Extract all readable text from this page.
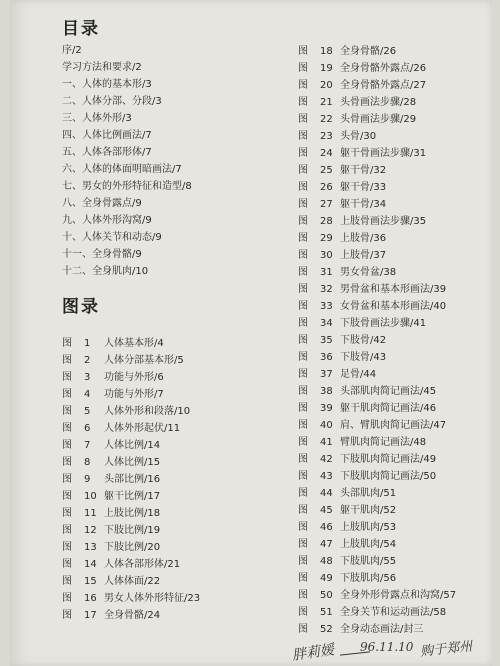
目录
序/2
学习方法和要求/2
一、人体的基本形/3
二、人体分部、分段/3
三、人体外形/3
四、人体比例画法/7
五、人体各部形体/7
六、人体的体面明暗画法/7
七、男女的外形特征和造型/8
八、全身骨露点/9
九、人体外形沟窝/9
十、人体关节和动态/9
十一、全身骨骼/9
十二、全身肌肉/10
图录
图 1 人体基本形/4
图 2 人体分部基本形/5
图 3 功能与外形/6
图 4 功能与外形/7
图 5 人体外形和段落/10
图 6 人体外形起伏/11
图 7 人体比例/14
图 8 人体比例/15
图 9 头部比例/16
图 10 躯干比例/17
图 11 上肢比例/18
图 12 下肢比例/19
图 13 下肢比例/20
图 14 人体各部形体/21
图 15 人体体面/22
图 16 男女人体外形特征/23
图 17 全身骨骼/24
图 18 全身骨骼/26
图 19 全身骨骼外露点/26
图 20 全身骨骼外露点/27
图 21 头骨画法步骤/28
图 22 头骨画法步骤/29
图 23 头骨/30
图 24 躯干骨画法步骤/31
图 25 躯干骨/32
图 26 躯干骨/33
图 27 躯干骨/34
图 28 上肢骨画法步骤/35
图 29 上肢骨/36
图 30 上肢骨/37
图 31 男女骨盆/38
图 32 男骨盆和基本形画法/39
图 33 女骨盆和基本形画法/40
图 34 下肢骨画法步骤/41
图 35 下肢骨/42
图 36 下肢骨/43
图 37 足骨/44
图 38 头部肌肉简记画法/45
图 39 躯干肌肉简记画法/46
图 40 肩、臂肌肉简记画法/47
图 41 臂肌肉简记画法/48
图 42 下肢肌肉简记画法/49
图 43 下肢肌肉简记画法/50
图 44 头部肌肉/51
图 45 躯干肌肉/52
图 46 上肢肌肉/53
图 47 上肢肌肉/54
图 48 下肢肌肉/55
图 49 下肢肌肉/56
图 50 全身外形骨露点和沟窝/57
图 51 全身关节和运动画法/58
图 52 全身动态画法/封三
胖莉媛 96.11.10 购于郑州
